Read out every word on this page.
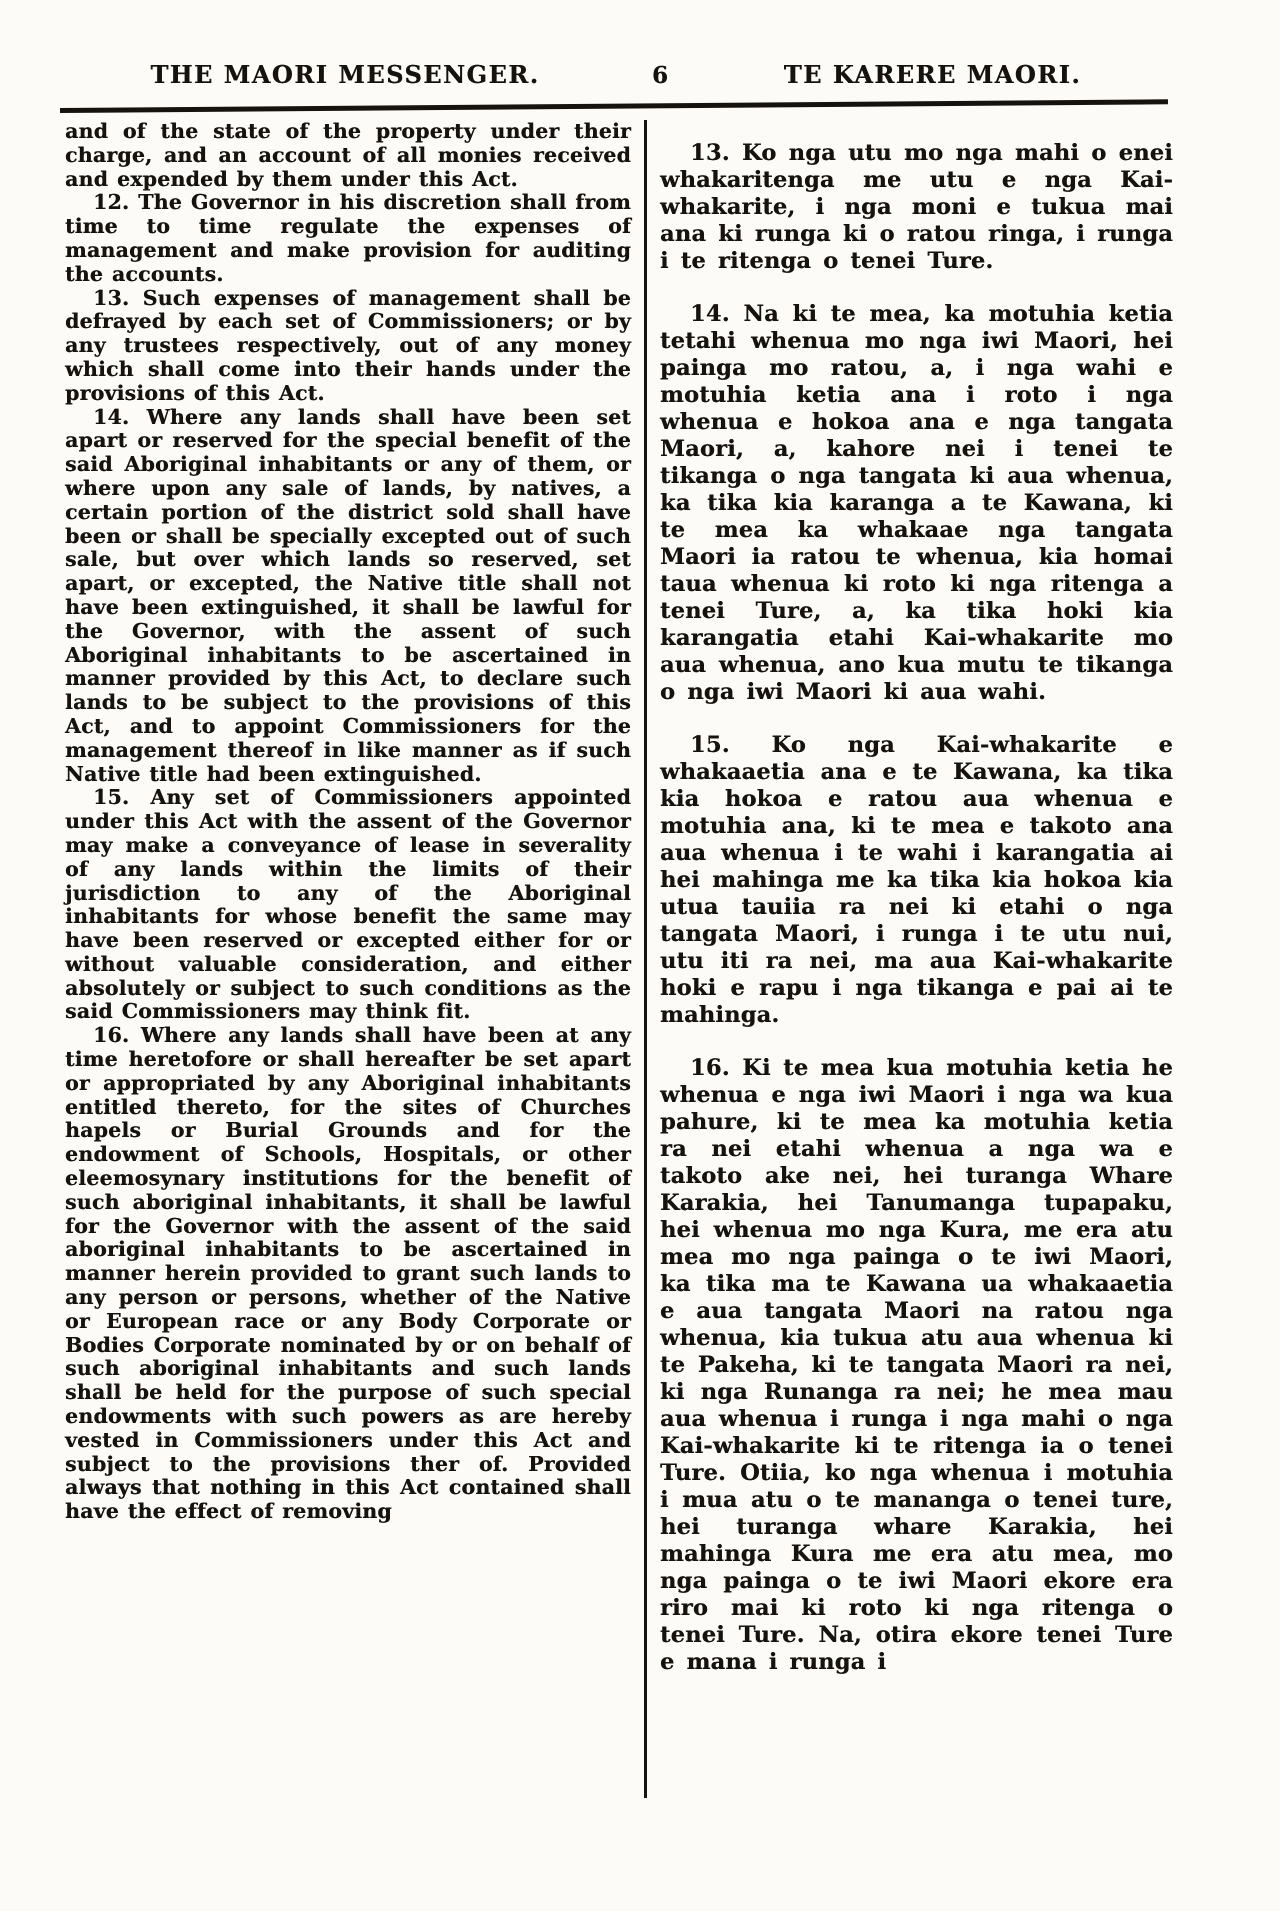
THE MAORI MESSENGER.	6	TE KARERE MAORI.

and of the state of the property under their charge, and an account of all monies received and expended by them under this Act.

12. The Governor in his discretion shall from time to time regulate the expenses of management and make provision for auditing the accounts.

13. Such expenses of management shall be defrayed by each set of Commissioners; or by any trustees respectively, out of any money which shall come into their hands under the provisions of this Act.

14. Where any lands shall have been set apart or reserved for the special benefit of the said Aboriginal inhabitants or any of them, or where upon any sale of lands, by natives, a certain portion of the district sold shall have been or shall be specially excepted out of such sale, but over which lands so reserved, set apart, or excepted, the Native title shall not have been extinguished, it shall be lawful for the Governor, with the assent of such Aboriginal inhabitants to be ascertained in manner provided by this Act, to declare such lands to be subject to the provisions of this Act, and to appoint Commissioners for the management thereof in like manner as if such Native title had been extinguished.

15. Any set of Commissioners appointed under this Act with the assent of the Governor may make a conveyance of lease in severality of any lands within the limits of their jurisdiction to any of the Aboriginal inhabitants for whose benefit the same may have been reserved or excepted either for or without valuable consideration, and either absolutely or subject to such conditions as the said Commissioners may think fit.

16. Where any lands shall have been at any time heretofore or shall hereafter be set apart or appropriated by any Aboriginal inhabitants entitled thereto, for the sites of Churches hapels or Burial Grounds and for the endowment of Schools, Hospitals, or other eleemosynary institutions for the benefit of such aboriginal inhabitants, it shall be lawful for the Governor with the assent of the said aboriginal inhabitants to be ascertained in manner herein provided to grant such lands to any person or persons, whether of the Native or European race or any Body Corporate or Bodies Corporate nominated by or on behalf of such aboriginal inhabitants and such lands shall be held for the purpose of such special endowments with such powers as are hereby vested in Commissioners under this Act and subject to the provisions ther of. Provided always that nothing in this Act contained shall have the effect of removing

13. Ko nga utu mo nga mahi o enei whakaritenga me utu e nga Kai-whakarite, i nga moni e tukua mai ana ki runga ki o ratou ringa, i runga i te ritenga o tenei Ture.

14. Na ki te mea, ka motuhia ketia tetahi whenua mo nga iwi Maori, hei painga mo ratou, a, i nga wahi e motuhia ketia ana i roto i nga whenua e hokoa ana e nga tangata Maori, a, kahore nei i tenei te tikanga o nga tangata ki aua whenua, ka tika kia karanga a te Kawana, ki te mea ka whakaae nga tangata Maori ia ratou te whenua, kia homai taua whenua ki roto ki nga ritenga a tenei Ture, a, ka tika hoki kia karangatia etahi Kai-whakarite mo aua whenua, ano kua mutu te tikanga o nga iwi Maori ki aua wahi.

15. Ko nga Kai-whakarite e whakaaetia ana e te Kawana, ka tika kia hokoa e ratou aua whenua e motuhia ana, ki te mea e takoto ana aua whenua i te wahi i karangatia ai hei mahinga me ka tika kia hokoa kia utua tauiia ra nei ki etahi o nga tangata Maori, i runga i te utu nui, utu iti ra nei, ma aua Kai-whakarite hoki e rapu i nga tikanga e pai ai te mahinga.

16. Ki te mea kua motuhia ketia he whenua e nga iwi Maori i nga wa kua pahure, ki te mea ka motuhia ketia ra nei etahi whenua a nga wa e takoto ake nei, hei turanga Whare Karakia, hei Tanumanga tupapaku, hei whenua mo nga Kura, me era atu mea mo nga painga o te iwi Maori, ka tika ma te Kawana ua whakaaetia e aua tangata Maori na ratou nga whenua, kia tukua atu aua whenua ki te Pakeha, ki te tangata Maori ra nei, ki nga Runanga ra nei; he mea mau aua whenua i runga i nga mahi o nga Kai-whakarite ki te ritenga ia o tenei Ture. Otiia, ko nga whenua i motuhia i mua atu o te mananga o tenei ture, hei turanga whare Karakia, hei mahinga Kura me era atu mea, mo nga painga o te iwi Maori ekore era riro mai ki roto ki nga ritenga o tenei Ture. Na, otira ekore tenei Ture e mana i runga i
